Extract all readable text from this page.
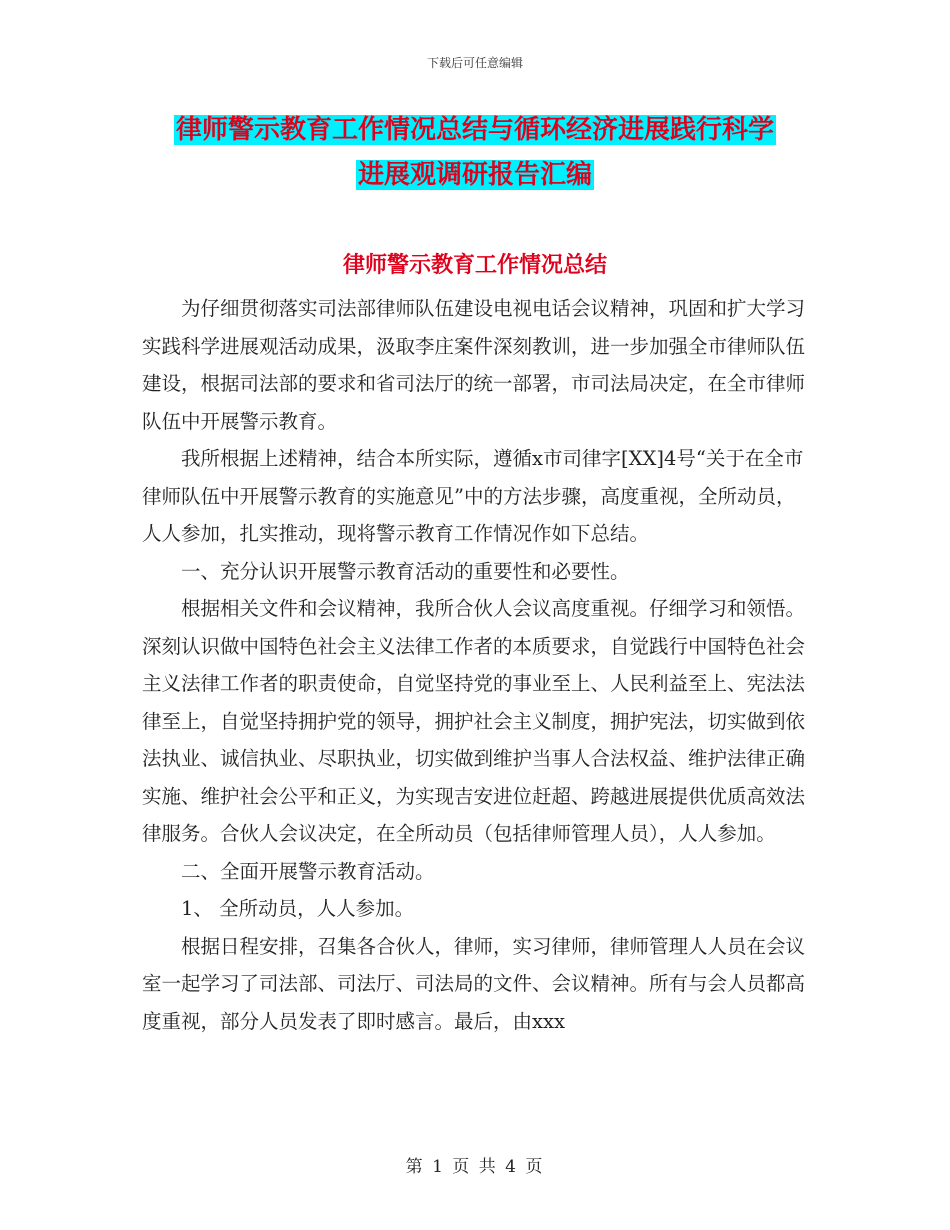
下载后可任意编辑
律师警示教育工作情况总结与循环经济进展践行科学
进展观调研报告汇编
律师警示教育工作情况总结

为仔细贯彻落实司法部律师队伍建设电视电话会议精神，巩固和扩大学习实践科学进展观活动成果，汲取李庄案件深刻教训，进一步加强全市律师队伍建设，根据司法部的要求和省司法厅的统一部署，市司法局决定，在全市律师队伍中开展警示教育。

我所根据上述精神，结合本所实际，遵循x市司律字[XX]4号“关于在全市律师队伍中开展警示教育的实施意见”中的方法步骤，高度重视，全所动员，人人参加，扎实推动，现将警示教育工作情况作如下总结。

一、充分认识开展警示教育活动的重要性和必要性。

根据相关文件和会议精神，我所合伙人会议高度重视。仔细学习和领悟。深刻认识做中国特色社会主义法律工作者的本质要求，自觉践行中国特色社会主义法律工作者的职责使命，自觉坚持党的事业至上、人民利益至上、宪法法律至上，自觉坚持拥护党的领导，拥护社会主义制度，拥护宪法，切实做到依法执业、诚信执业、尽职执业，切实做到维护当事人合法权益、维护法律正确实施、维护社会公平和正义，为实现吉安进位赶超、跨越进展提供优质高效法律服务。合伙人会议决定，在全所动员（包括律师管理人员），人人参加。

二、全面开展警示教育活动。

1、 全所动员，人人参加。

根据日程安排，召集各合伙人，律师，实习律师，律师管理人人员在会议室一起学习了司法部、司法厅、司法局的文件、会议精神。所有与会人员都高度重视，部分人员发表了即时感言。最后，由xxx

第 1 页 共 4 页
